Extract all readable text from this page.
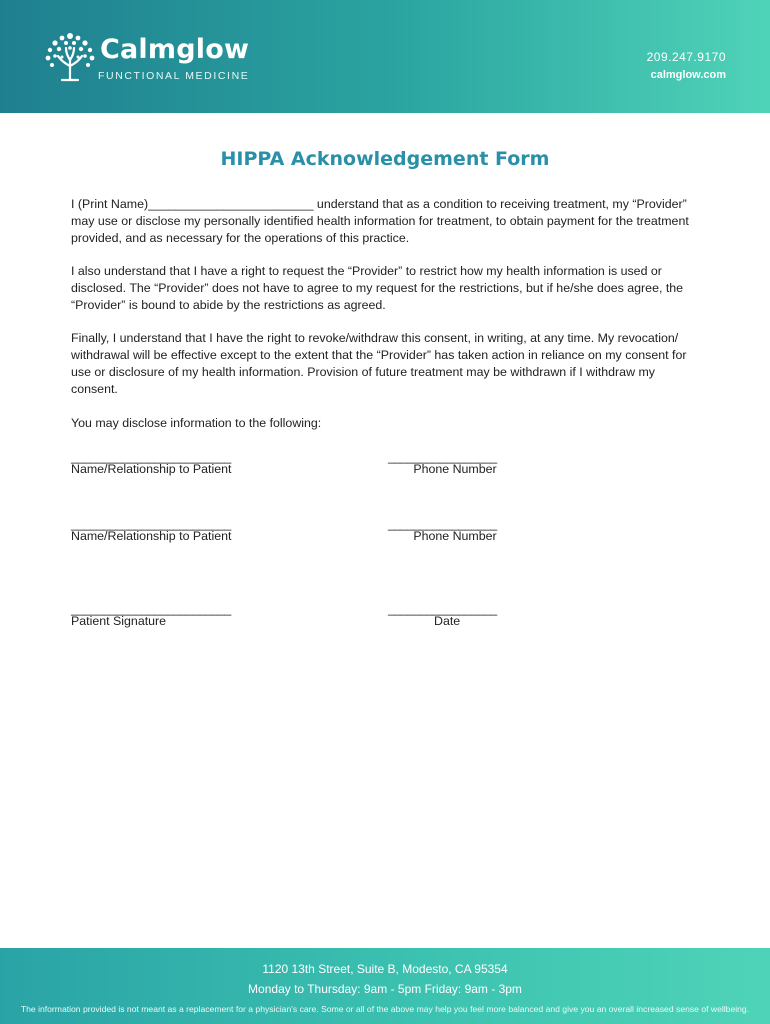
Calmglow
FUNCTIONAL MEDICINE
209.247.9170
calmglow.com
HIPPA Acknowledgement Form

I (Print Name)________________________ understand that as a condition to receiving treatment, my “Provider” may use or disclose my personally identified health information for treatment, to obtain payment for the treatment provided, and as necessary for the operations of this practice.

I also understand that I have a right to request the “Provider” to restrict how my health information is used or disclosed. The “Provider” does not have to agree to my request for the restrictions, but if he/she does agree, the “Provider” is bound to abide by the restrictions as agreed.

Finally, I understand that I have the right to revoke/withdraw this consent, in writing, at any time. My revocation/ withdrawal will be effective except to the extent that the “Provider” has taken action in reliance on my consent for use or disclosure of my health information. Provision of future treatment may be withdrawn if I withdraw my consent.

You may disclose information to the following:

_________________________
Name/Relationship to Patient
_________________
Phone Number
_________________________
Name/Relationship to Patient
_________________
Phone Number
_________________________
Patient Signature
_________________
Date
1120 13th Street, Suite B, Modesto, CA 95354
Monday to Thursday: 9am - 5pm Friday: 9am - 3pm
The information provided is not meant as a replacement for a physician's care. Some or all of the above may help you feel more balanced and give you an overall increased sense of wellbeing.
